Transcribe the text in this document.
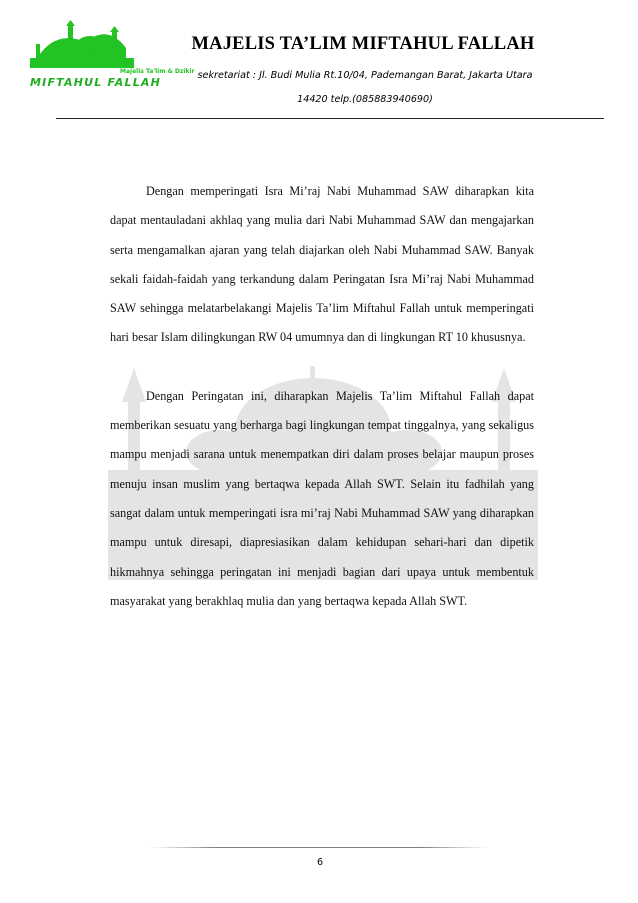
Majelis Ta'lim & Dzikir
MIFTAHUL FALLAH
MAJELIS TA’LIM MIFTAHUL FALLAH
sekretariat : Jl. Budi Mulia Rt.10/04, Pademangan Barat, Jakarta Utara
14420 telp.(085883940690)

Dengan memperingati Isra Mi’raj Nabi Muhammad SAW diharapkan kita dapat mentauladani akhlaq yang mulia dari Nabi Muhammad SAW dan mengajarkan serta mengamalkan ajaran yang telah diajarkan oleh Nabi Muhammad SAW. Banyak sekali faidah-faidah yang terkandung dalam Peringatan Isra Mi’raj Nabi Muhammad SAW sehingga melatarbelakangi Majelis Ta’lim Miftahul Fallah untuk memperingati hari besar Islam dilingkungan RW 04 umumnya dan di lingkungan RT 10 khususnya.

Dengan Peringatan ini, diharapkan Majelis Ta’lim Miftahul Fallah dapat memberikan sesuatu yang berharga bagi lingkungan tempat tinggalnya, yang sekaligus mampu menjadi sarana untuk menempatkan diri dalam proses belajar maupun proses menuju insan muslim yang bertaqwa kepada Allah SWT. Selain itu fadhilah yang sangat dalam untuk memperingati isra mi’raj Nabi Muhammad SAW yang diharapkan mampu untuk diresapi, diapresiasikan dalam kehidupan sehari-hari dan dipetik hikmahnya sehingga peringatan ini menjadi bagian dari upaya untuk membentuk masyarakat yang berakhlaq mulia dan yang bertaqwa kepada Allah SWT.

6
